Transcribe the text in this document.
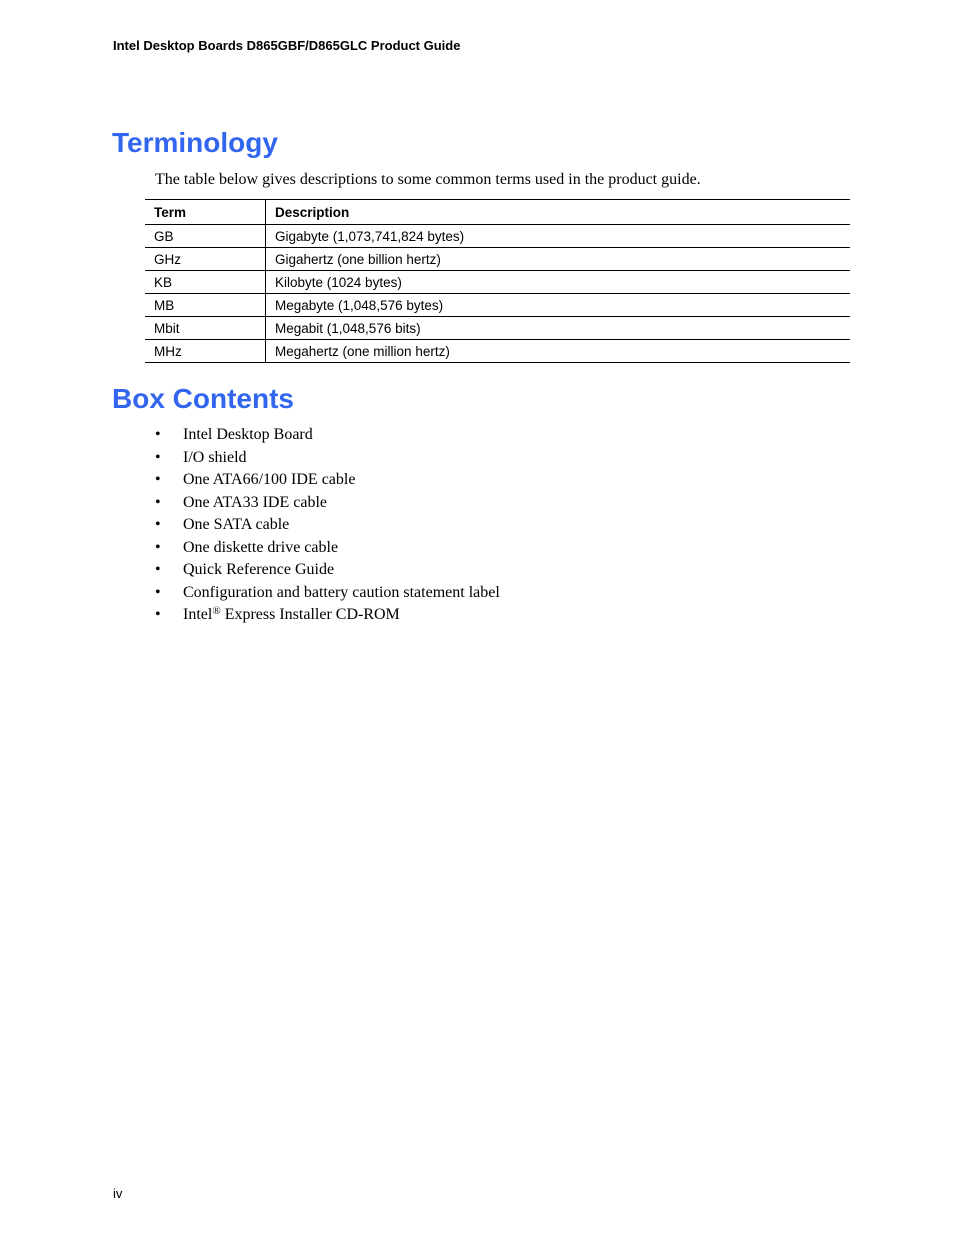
Intel Desktop Boards D865GBF/D865GLC Product Guide
Terminology

The table below gives descriptions to some common terms used in the product guide.

Term	Description
GB	Gigabyte (1,073,741,824 bytes)
GHz	Gigahertz (one billion hertz)
KB	Kilobyte (1024 bytes)
MB	Megabyte (1,048,576 bytes)
Mbit	Megabit (1,048,576 bits)
MHz	Megahertz (one million hertz)
Box Contents
• Intel Desktop Board
• I/O shield
• One ATA66/100 IDE cable
• One ATA33 IDE cable
• One SATA cable
• One diskette drive cable
• Quick Reference Guide
• Configuration and battery caution statement label
• Intel® Express Installer CD-ROM
iv
